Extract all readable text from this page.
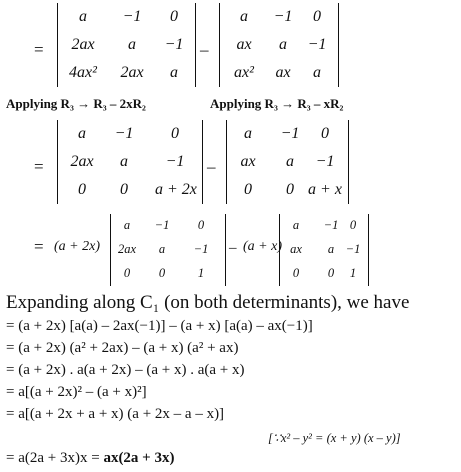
=
a	−1	0
2ax	a	−1
4ax²	2ax	a
–
a	−1	0
ax	a	−1
ax²	ax	a
Applying R₃ → R₃ – 2xR₂	Applying R₃ → R₃ – xR₂
=
a	−1	0
2ax	a	−1
0	0	a + 2x
–
a	−1	0
ax	a	−1
0	0 a + x
= (a + 2x)
a	−1	0
2ax	a	−1
0	0	1
– (a + x)
a	−1 0
ax	a −1
0	0	1
Expanding along C₁ (on both determinants), we have
= (a + 2x) [a(a) – 2ax(−1)] – (a + x) [a(a) – ax(−1)]
= (a + 2x) (a² + 2ax) – (a + x) (a² + ax)
= (a + 2x) . a(a + 2x) – (a + x) . a(a + x)
= a[(a + 2x)² – (a + x)²]
= a[(a + 2x + a + x) (a + 2x – a – x)]
[∵x² – y² = (x + y) (x – y)]
= a(2a + 3x)x = ax(2a + 3x)
